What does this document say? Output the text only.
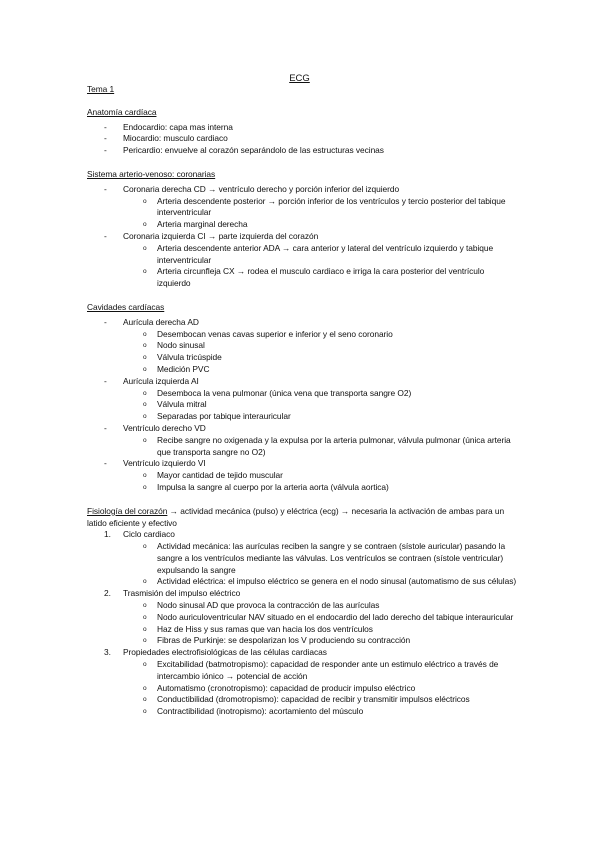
ECG
Tema 1
Anatomía cardíaca
- Endocardio: capa mas interna
- Miocardio: musculo cardiaco
- Pericardio: envuelve al corazón separándolo de las estructuras vecinas
Sistema arterio-venoso: coronarias
- Coronaria derecha CD → ventrículo derecho y porción inferior del izquierdo
o Arteria descendente posterior → porción inferior de los ventrículos y tercio posterior del tabique interventricular
o Arteria marginal derecha
- Coronaria izquierda CI → parte izquierda del corazón
o Arteria descendente anterior ADA → cara anterior y lateral del ventrículo izquierdo y tabique interventricular
o Arteria circunfleja CX → rodea el musculo cardiaco e irriga la cara posterior del ventrículo izquierdo
Cavidades cardíacas
- Aurícula derecha AD
o Desembocan venas cavas superior e inferior y el seno coronario
o Nodo sinusal
o Válvula tricúspide
o Medición PVC
- Aurícula izquierda AI
o Desemboca la vena pulmonar (única vena que transporta sangre O2)
o Válvula mitral
o Separadas por tabique interauricular
- Ventrículo derecho VD
o Recibe sangre no oxigenada y la expulsa por la arteria pulmonar, válvula pulmonar (única arteria que transporta sangre no O2)
- Ventrículo izquierdo VI
o Mayor cantidad de tejido muscular
o Impulsa la sangre al cuerpo por la arteria aorta (válvula aortica)
Fisiología del corazón → actividad mecánica (pulso) y eléctrica (ecg) → necesaria la activación de ambas para un latido eficiente y efectivo
1. Ciclo cardiaco
o Actividad mecánica: las aurículas reciben la sangre y se contraen (sístole auricular) pasando la sangre a los ventrículos mediante las válvulas. Los ventrículos se contraen (sístole ventricular) expulsando la sangre
o Actividad eléctrica: el impulso eléctrico se genera en el nodo sinusal (automatismo de sus células)
2. Trasmisión del impulso eléctrico
o Nodo sinusal AD que provoca la contracción de las aurículas
o Nodo auriculoventricular NAV situado en el endocardio del lado derecho del tabique interauricular
o Haz de Hiss y sus ramas que van hacia los dos ventrículos
o Fibras de Purkinje: se despolarizan los V produciendo su contracción
3. Propiedades electrofisiológicas de las células cardiacas
o Excitabilidad (batmotropismo): capacidad de responder ante un estimulo eléctrico a través de intercambio iónico → potencial de acción
o Automatismo (cronotropismo): capacidad de producir impulso eléctrico
o Conductibilidad (dromotropismo): capacidad de recibir y transmitir impulsos eléctricos
o Contractibilidad (inotropismo): acortamiento del músculo
